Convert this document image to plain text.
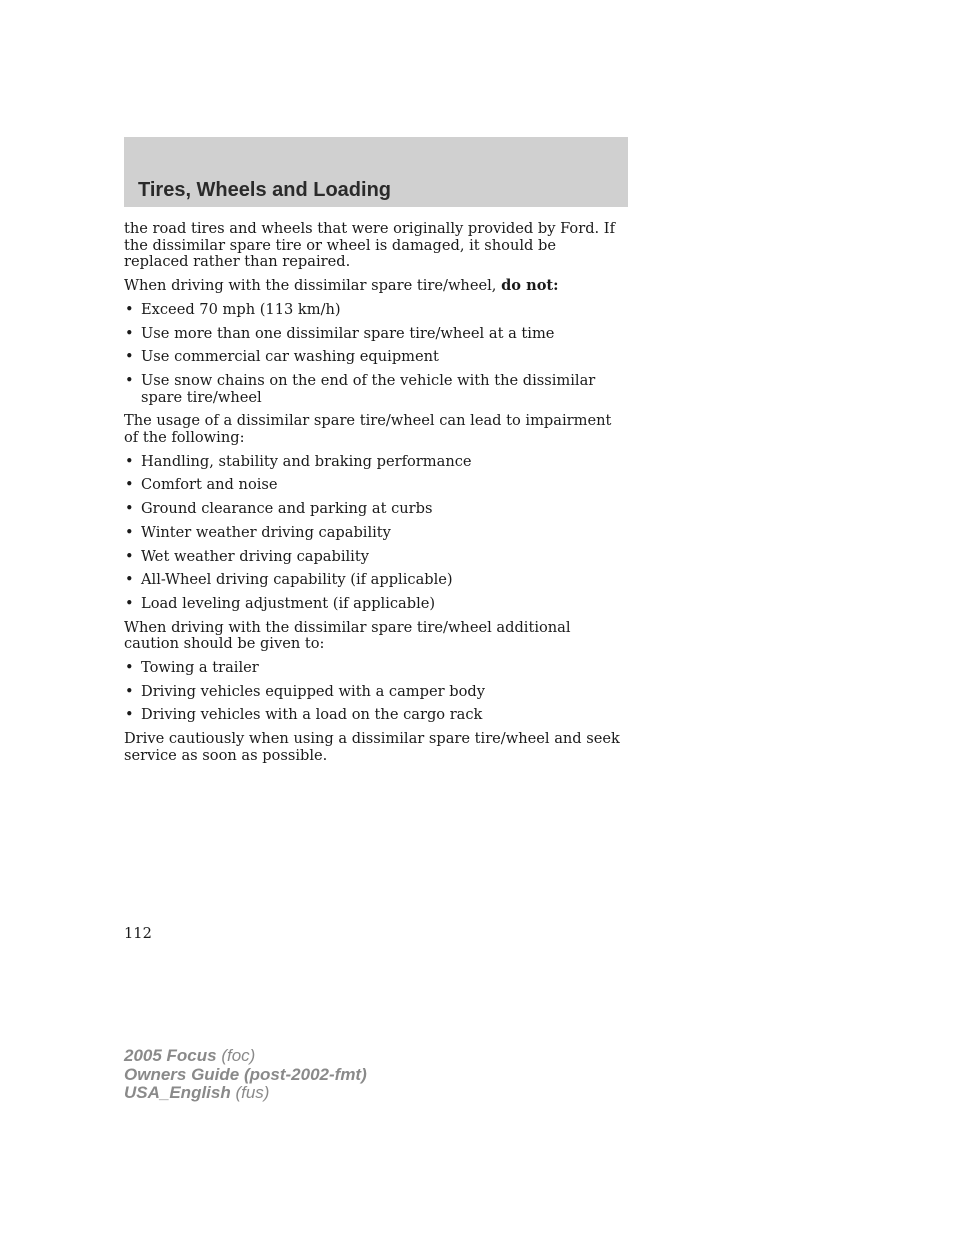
Tires, Wheels and Loading

the road tires and wheels that were originally provided by Ford. If the dissimilar spare tire or wheel is damaged, it should be replaced rather than repaired.

When driving with the dissimilar spare tire/wheel, do not:

• Exceed 70 mph (113 km/h)
• Use more than one dissimilar spare tire/wheel at a time
• Use commercial car washing equipment
• Use snow chains on the end of the vehicle with the dissimilar spare tire/wheel

The usage of a dissimilar spare tire/wheel can lead to impairment of the following:

• Handling, stability and braking performance
• Comfort and noise
• Ground clearance and parking at curbs
• Winter weather driving capability
• Wet weather driving capability
• All-Wheel driving capability (if applicable)
• Load leveling adjustment (if applicable)

When driving with the dissimilar spare tire/wheel additional caution should be given to:

• Towing a trailer
• Driving vehicles equipped with a camper body
• Driving vehicles with a load on the cargo rack

Drive cautiously when using a dissimilar spare tire/wheel and seek service as soon as possible.

112
2005 Focus (foc)
Owners Guide (post-2002-fmt)
USA_English (fus)
